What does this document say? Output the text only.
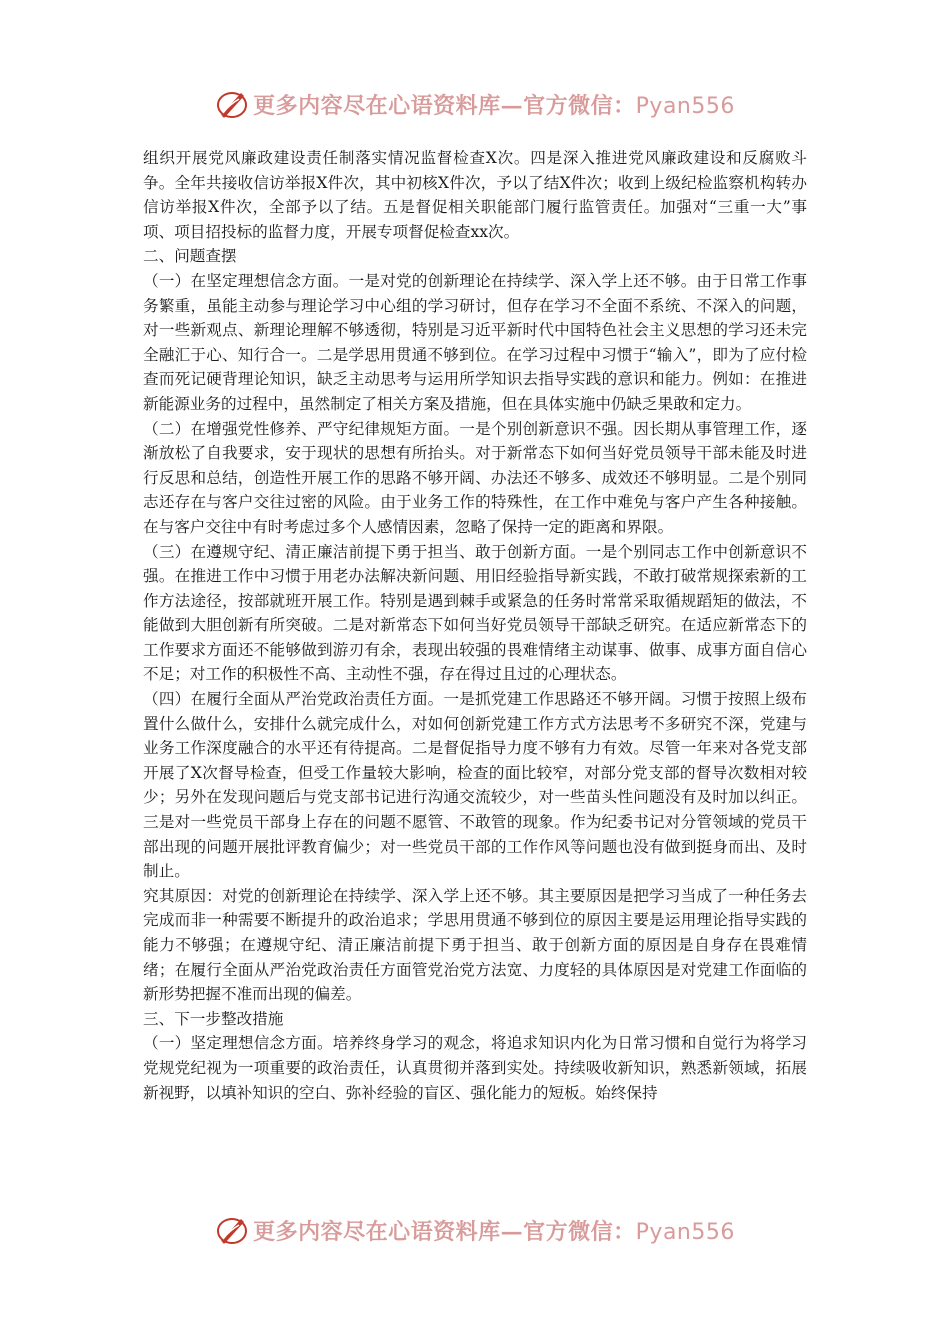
更多内容尽在心语资料库—官方微信：Pyan556

组织开展党风廉政建设责任制落实情况监督检查X次。四是深入推进党风廉政建设和反腐败斗争。全年共接收信访举报X件次，其中初核X件次，予以了结X件次；收到上级纪检监察机构转办信访举报X件次，全部予以了结。五是督促相关职能部门履行监管责任。加强对“三重一大”事项、项目招投标的监督力度，开展专项督促检查xx次。

二、问题查摆

（一）在坚定理想信念方面。一是对党的创新理论在持续学、深入学上还不够。由于日常工作事务繁重，虽能主动参与理论学习中心组的学习研讨，但存在学习不全面不系统、不深入的问题，对一些新观点、新理论理解不够透彻，特别是习近平新时代中国特色社会主义思想的学习还未完全融汇于心、知行合一。二是学思用贯通不够到位。在学习过程中习惯于“输入”，即为了应付检查而死记硬背理论知识，缺乏主动思考与运用所学知识去指导实践的意识和能力。例如：在推进新能源业务的过程中，虽然制定了相关方案及措施，但在具体实施中仍缺乏果敢和定力。

（二）在增强党性修养、严守纪律规矩方面。一是个别创新意识不强。因长期从事管理工作，逐渐放松了自我要求，安于现状的思想有所抬头。对于新常态下如何当好党员领导干部未能及时进行反思和总结，创造性开展工作的思路不够开阔、办法还不够多、成效还不够明显。二是个别同志还存在与客户交往过密的风险。由于业务工作的特殊性，在工作中难免与客户产生各种接触。在与客户交往中有时考虑过多个人感情因素，忽略了保持一定的距离和界限。

（三）在遵规守纪、清正廉洁前提下勇于担当、敢于创新方面。一是个别同志工作中创新意识不强。在推进工作中习惯于用老办法解决新问题、用旧经验指导新实践，不敢打破常规探索新的工作方法途径，按部就班开展工作。特别是遇到棘手或紧急的任务时常常采取循规蹈矩的做法，不能做到大胆创新有所突破。二是对新常态下如何当好党员领导干部缺乏研究。在适应新常态下的工作要求方面还不能够做到游刃有余，表现出较强的畏难情绪主动谋事、做事、成事方面自信心不足；对工作的积极性不高、主动性不强，存在得过且过的心理状态。

（四）在履行全面从严治党政治责任方面。一是抓党建工作思路还不够开阔。习惯于按照上级布置什么做什么，安排什么就完成什么，对如何创新党建工作方式方法思考不多研究不深，党建与业务工作深度融合的水平还有待提高。二是督促指导力度不够有力有效。尽管一年来对各党支部开展了X次督导检查，但受工作量较大影响，检查的面比较窄，对部分党支部的督导次数相对较少；另外在发现问题后与党支部书记进行沟通交流较少，对一些苗头性问题没有及时加以纠正。三是对一些党员干部身上存在的问题不愿管、不敢管的现象。作为纪委书记对分管领域的党员干部出现的问题开展批评教育偏少；对一些党员干部的工作作风等问题也没有做到挺身而出、及时制止。

究其原因：对党的创新理论在持续学、深入学上还不够。其主要原因是把学习当成了一种任务去完成而非一种需要不断提升的政治追求；学思用贯通不够到位的原因主要是运用理论指导实践的能力不够强；在遵规守纪、清正廉洁前提下勇于担当、敢于创新方面的原因是自身存在畏难情绪；在履行全面从严治党政治责任方面管党治党方法宽、力度轻的具体原因是对党建工作面临的新形势把握不准而出现的偏差。

三、下一步整改措施

（一）坚定理想信念方面。培养终身学习的观念，将追求知识内化为日常习惯和自觉行为将学习党规党纪视为一项重要的政治责任，认真贯彻并落到实处。持续吸收新知识，熟悉新领域，拓展新视野，以填补知识的空白、弥补经验的盲区、强化能力的短板。始终保持

更多内容尽在心语资料库—官方微信：Pyan556
